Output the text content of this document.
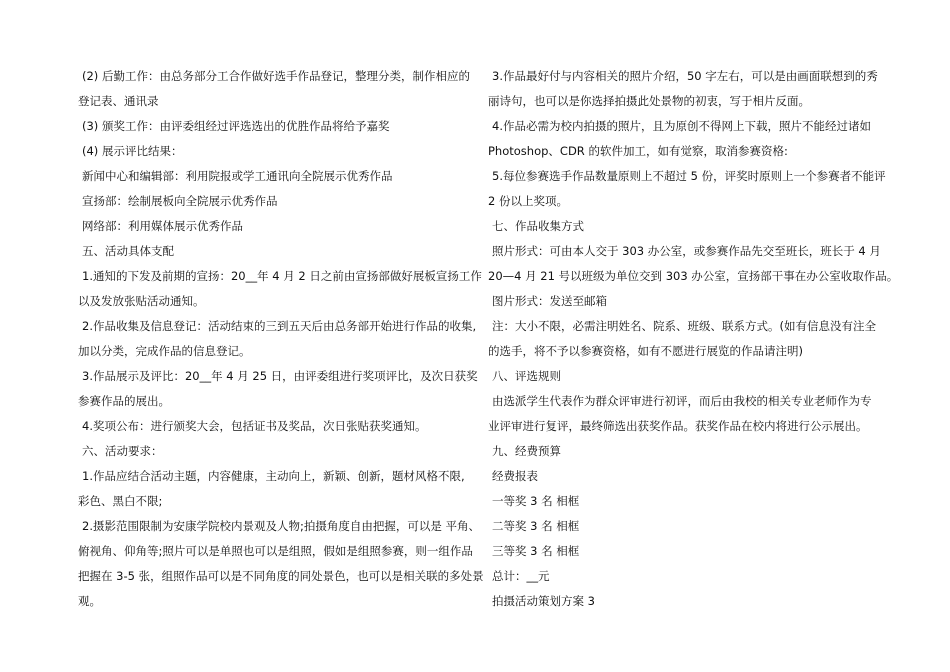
(2) 后勤工作：由总务部分工合作做好选手作品登记，整理分类，制作相应的
登记表、通讯录
(3) 颁奖工作：由评委组经过评选选出的优胜作品将给予嘉奖
(4) 展示评比结果：
新闻中心和编辑部：利用院报或学工通讯向全院展示优秀作品
宣扬部：绘制展板向全院展示优秀作品
网络部：利用媒体展示优秀作品
五、活动具体支配
1.通知的下发及前期的宣扬：20__年 4 月 2 日之前由宣扬部做好展板宣扬工作
以及发放张贴活动通知。
2.作品收集及信息登记：活动结束的三到五天后由总务部开始进行作品的收集,
加以分类，完成作品的信息登记。
3.作品展示及评比：20__年 4 月 25 日，由评委组进行奖项评比，及次日获奖
参赛作品的展出。
4.奖项公布：进行颁奖大会，包括证书及奖品，次日张贴获奖通知。
六、活动要求：
1.作品应结合活动主题，内容健康，主动向上，新颖、创新，题材风格不限,
彩色、黑白不限;
2.摄影范围限制为安康学院校内景观及人物;拍摄角度自由把握，可以是 平角、
俯视角、仰角等;照片可以是单照也可以是组照，假如是组照参赛，则一组作品
把握在 3-5 张，组照作品可以是不同角度的同处景色，也可以是相关联的多处景
观。
3.作品最好付与内容相关的照片介绍，50 字左右，可以是由画面联想到的秀
丽诗句，也可以是你选择拍摄此处景物的初衷，写于相片反面。
4.作品必需为校内拍摄的照片，且为原创不得网上下载，照片不能经过诸如
Photoshop、CDR 的软件加工，如有觉察，取消参赛资格:
5.每位参赛选手作品数量原则上不超过 5 份，评奖时原则上一个参赛者不能评
2 份以上奖项。
七、作品收集方式
照片形式：可由本人交于 303 办公室，或参赛作品先交至班长，班长于 4 月
20—4 月 21 号以班级为单位交到 303 办公室，宣扬部干事在办公室收取作品。
图片形式：发送至邮箱
注：大小不限，必需注明姓名、院系、班级、联系方式。(如有信息没有注全
的选手，将不予以参赛资格，如有不愿进行展览的作品请注明)
八、评选规则
由选派学生代表作为群众评审进行初评，而后由我校的相关专业老师作为专
业评审进行复评，最终筛选出获奖作品。获奖作品在校内将进行公示展出。
九、经费预算
经费报表
一等奖 3 名 相框
二等奖 3 名 相框
三等奖 3 名 相框
总计：__元
拍摄活动策划方案 3
